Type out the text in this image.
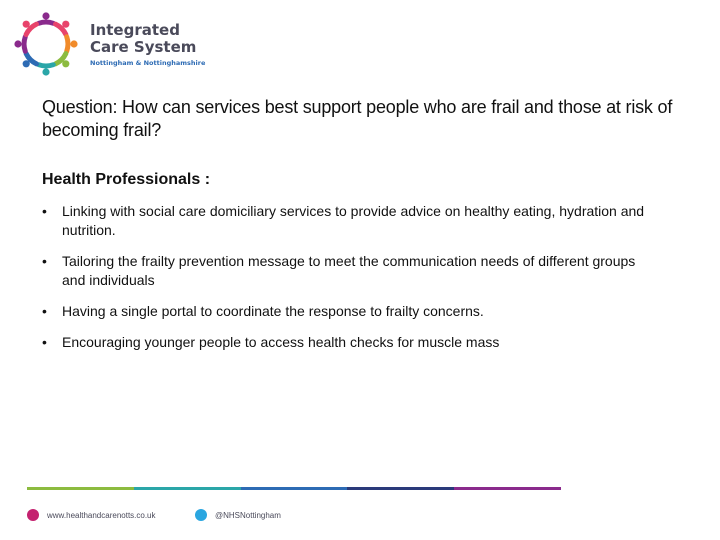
Integrated
Care System
Nottingham & Nottinghamshire
Question: How can services best support people who are frail and those at risk of becoming frail?
Health Professionals :
• Linking with social care domiciliary services to provide advice on healthy eating, hydration and nutrition.
• Tailoring the frailty prevention message to meet the communication needs of different groups and individuals
• Having a single portal to coordinate the response to frailty concerns.
• Encouraging younger people to access health checks for muscle mass
www.healthandcarenotts.co.uk	@NHSNottingham
